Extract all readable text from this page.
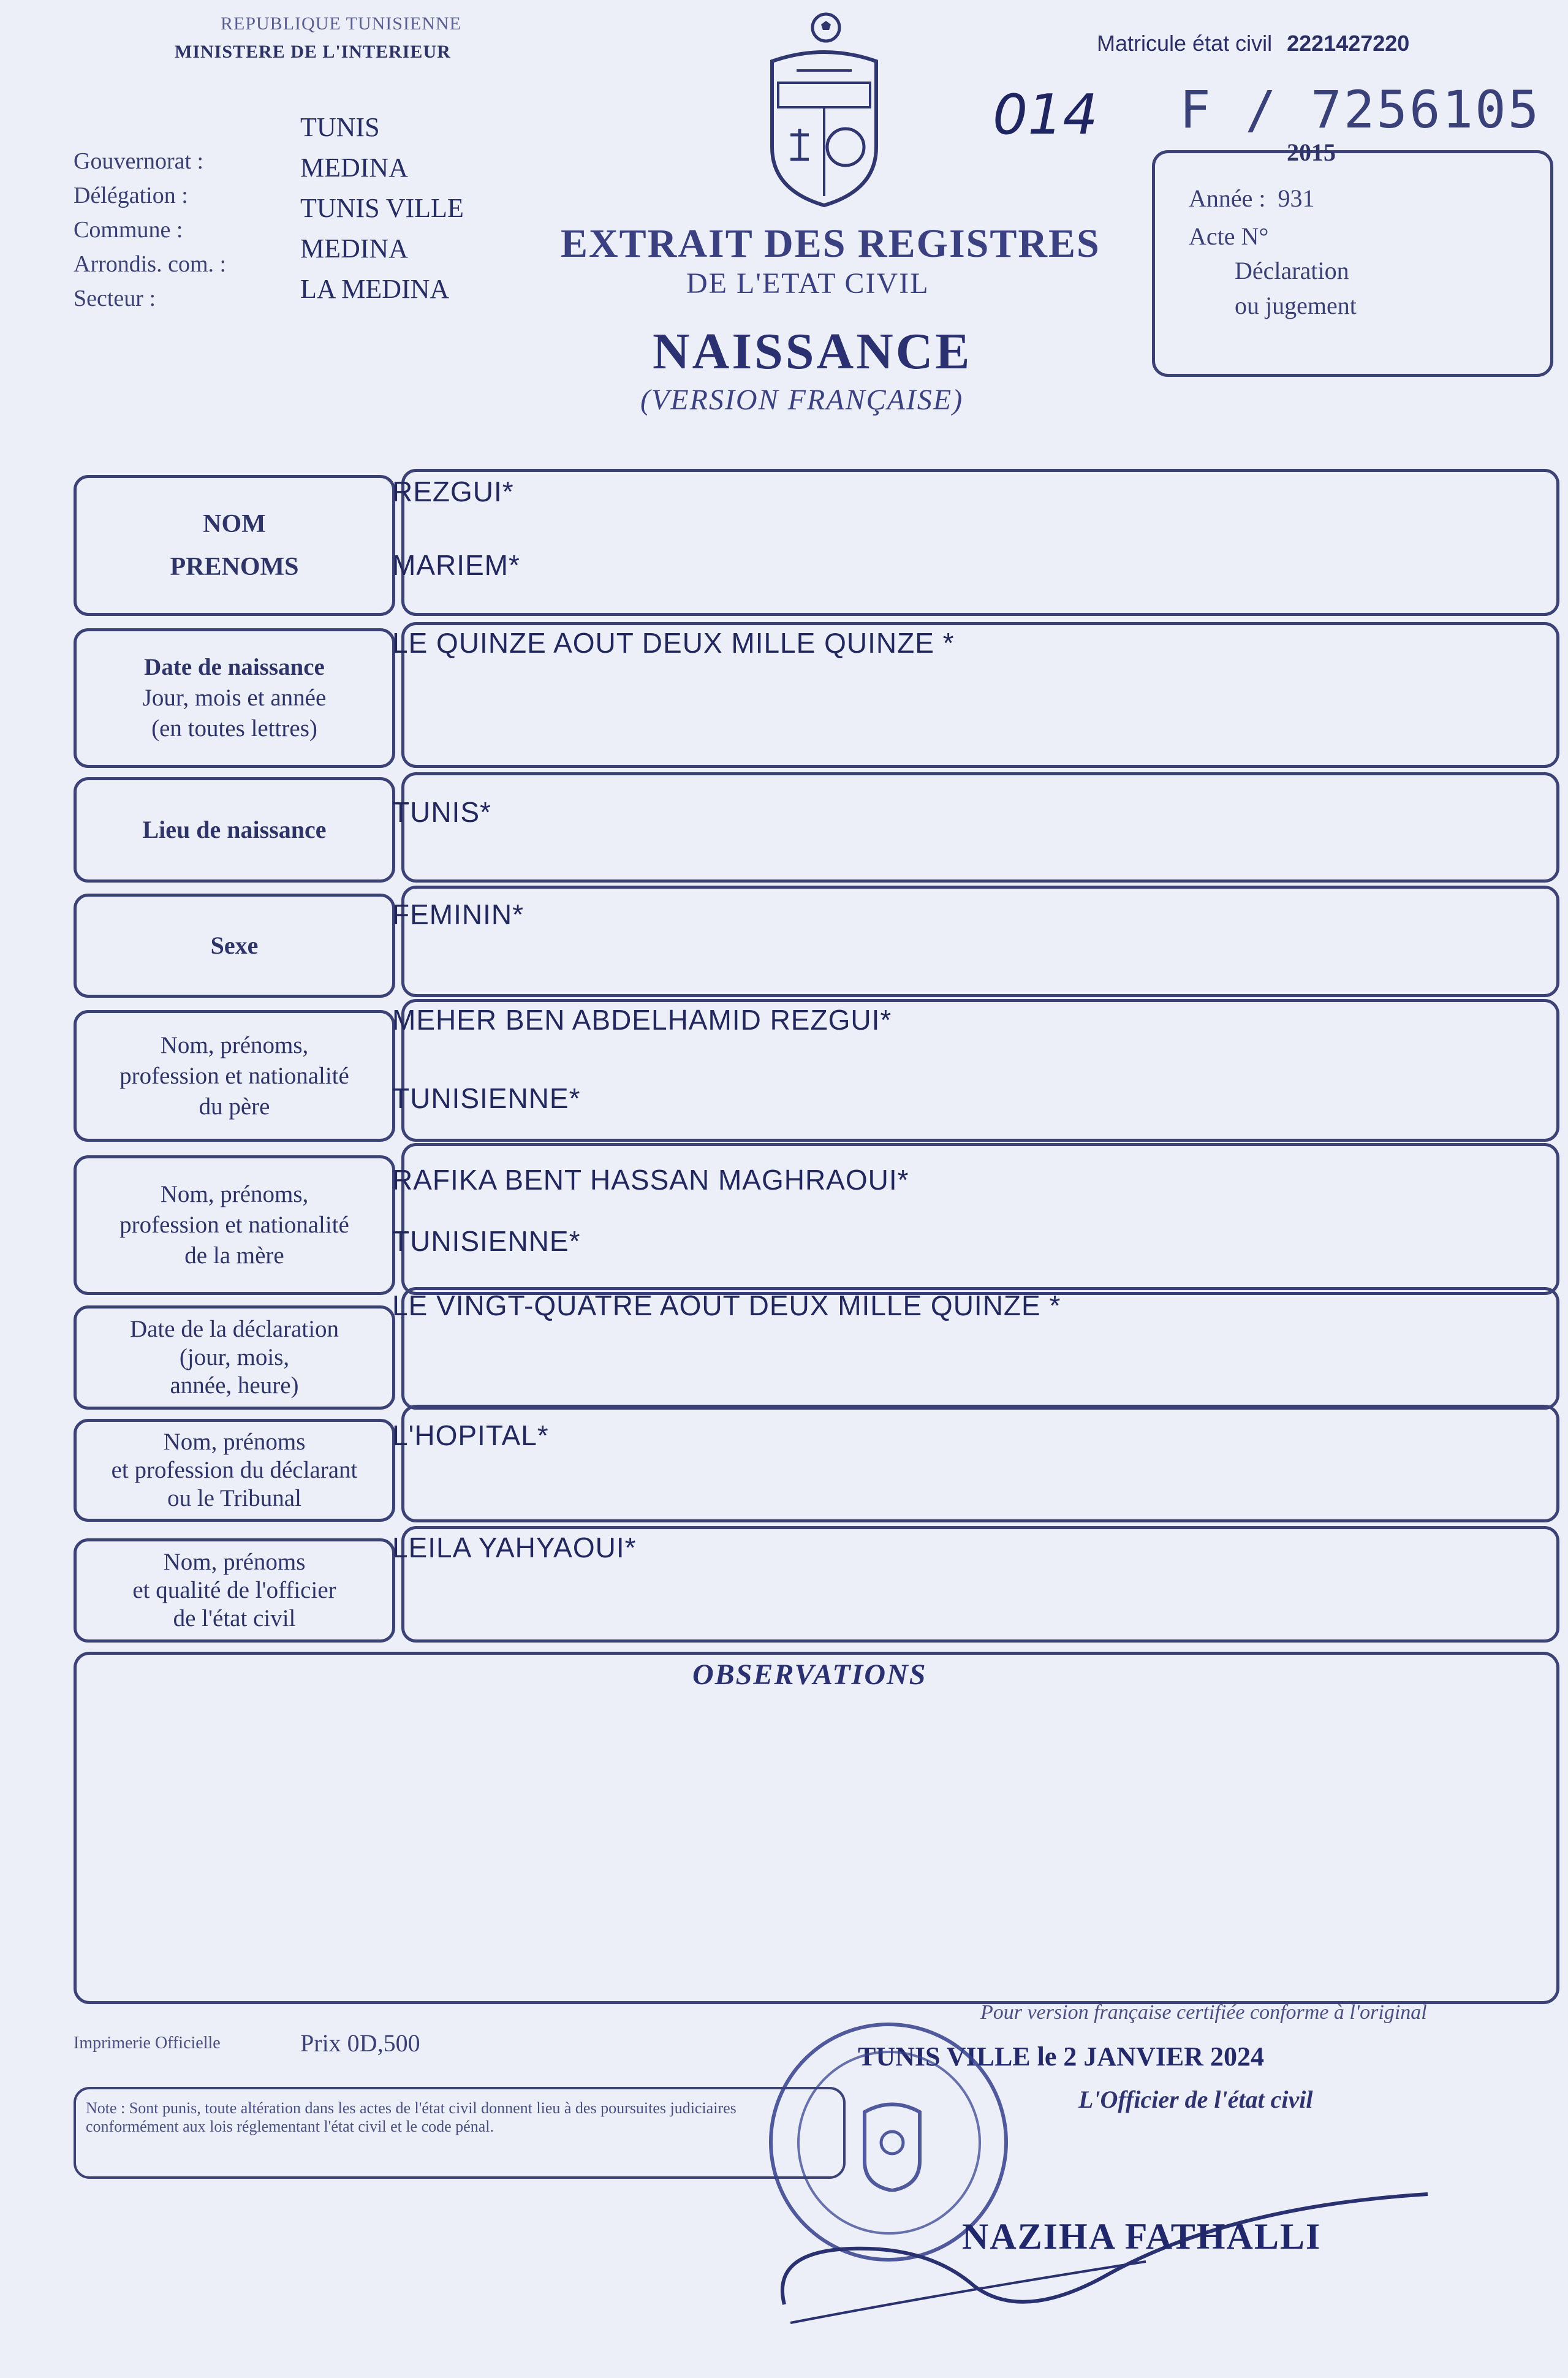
REPUBLIQUE TUNISIENNE
MINISTERE DE L'INTERIEUR	Matricule état civil 2221427220
014 F / 7256105
Gouvernorat :
Délégation :
Commune :
Arrondis. com. :
Secteur :
TUNIS
MEDINA
TUNIS VILLE
MEDINA
LA MEDINA
2015
Année : 931
Acte N°
Déclaration
ou jugement
EXTRAIT DES REGISTRES
DE L'ETAT CIVIL
NAISSANCE
(VERSION FRANÇAISE)
NOM
PRENOMS
REZGUI*
MARIEM*
Date de naissance
Jour, mois et année
(en toutes lettres)
LE QUINZE AOUT DEUX MILLE QUINZE *
Lieu de naissance
TUNIS*
Sexe
FEMININ*
Nom, prénoms,
profession et nationalité
du père
MEHER BEN ABDELHAMID REZGUI*
TUNISIENNE*
Nom, prénoms,
profession et nationalité
de la mère
RAFIKA BENT HASSAN MAGHRAOUI*
TUNISIENNE*
Date de la déclaration
(jour, mois,
année, heure)
LE VINGT-QUATRE AOUT DEUX MILLE QUINZE *
Nom, prénoms
et profession du déclarant
ou le Tribunal
L'HOPITAL*
Nom, prénoms
et qualité de l'officier
de l'état civil
LEILA YAHYAOUI*
OBSERVATIONS
Imprimerie Officielle	Prix 0D,500
Pour version française certifiée conforme à l'original
TUNIS VILLE le 2 JANVIER 2024
L'Officier de l'état civil
Note : Sont punis, toute altération dans les actes de l'état civil donnent lieu à des poursuites judiciaires conformément aux lois réglementant l'état civil et le code pénal.
NAZIHA FATHALLI
